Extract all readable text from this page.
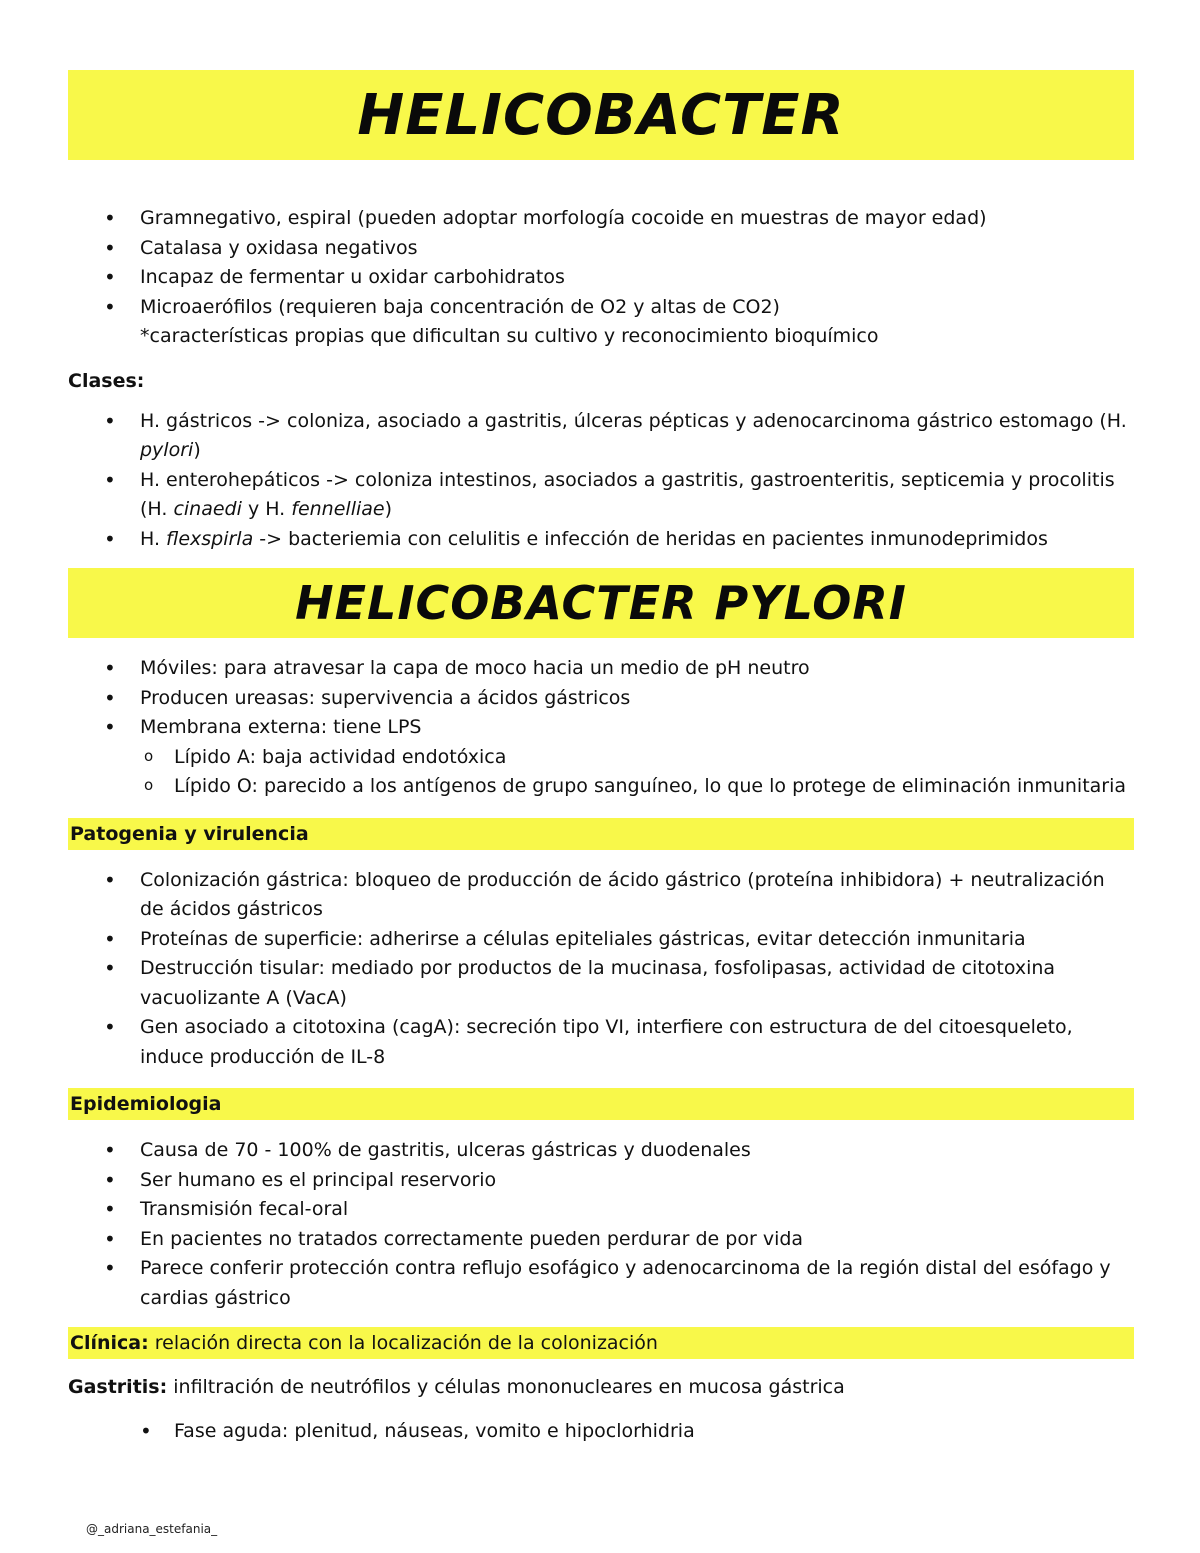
HELICOBACTER
• Gramnegativo, espiral (pueden adoptar morfología cocoide en muestras de mayor edad)
• Catalasa y oxidasa negativos
• Incapaz de fermentar u oxidar carbohidratos
• Microaerófilos (requieren baja concentración de O2 y altas de CO2)
*características propias que dificultan su cultivo y reconocimiento bioquímico
Clases:
• H. gástricos -> coloniza, asociado a gastritis, úlceras pépticas y adenocarcinoma gástrico estomago (H. pylori)
• H. enterohepáticos -> coloniza intestinos, asociados a gastritis, gastroenteritis, septicemia y procolitis (H. cinaedi y H. fennelliae)
• H. flexspirla -> bacteriemia con celulitis e infección de heridas en pacientes inmunodeprimidos
HELICOBACTER PYLORI
• Móviles: para atravesar la capa de moco hacia un medio de pH neutro
• Producen ureasas: supervivencia a ácidos gástricos
• Membrana externa: tiene LPS
o Lípido A: baja actividad endotóxica
o Lípido O: parecido a los antígenos de grupo sanguíneo, lo que lo protege de eliminación inmunitaria
Patogenia y virulencia
• Colonización gástrica: bloqueo de producción de ácido gástrico (proteína inhibidora) + neutralización de ácidos gástricos
• Proteínas de superficie: adherirse a células epiteliales gástricas, evitar detección inmunitaria
• Destrucción tisular: mediado por productos de la mucinasa, fosfolipasas, actividad de citotoxina vacuolizante A (VacA)
• Gen asociado a citotoxina (cagA): secreción tipo VI, interfiere con estructura de del citoesqueleto, induce producción de IL-8
Epidemiologia
• Causa de 70 - 100% de gastritis, ulceras gástricas y duodenales
• Ser humano es el principal reservorio
• Transmisión fecal-oral
• En pacientes no tratados correctamente pueden perdurar de por vida
• Parece conferir protección contra reflujo esofágico y adenocarcinoma de la región distal del esófago y cardias gástrico
Clínica: relación directa con la localización de la colonización
Gastritis: infiltración de neutrófilos y células mononucleares en mucosa gástrica
• Fase aguda: plenitud, náuseas, vomito e hipoclorhidria
@_adriana_estefania_
